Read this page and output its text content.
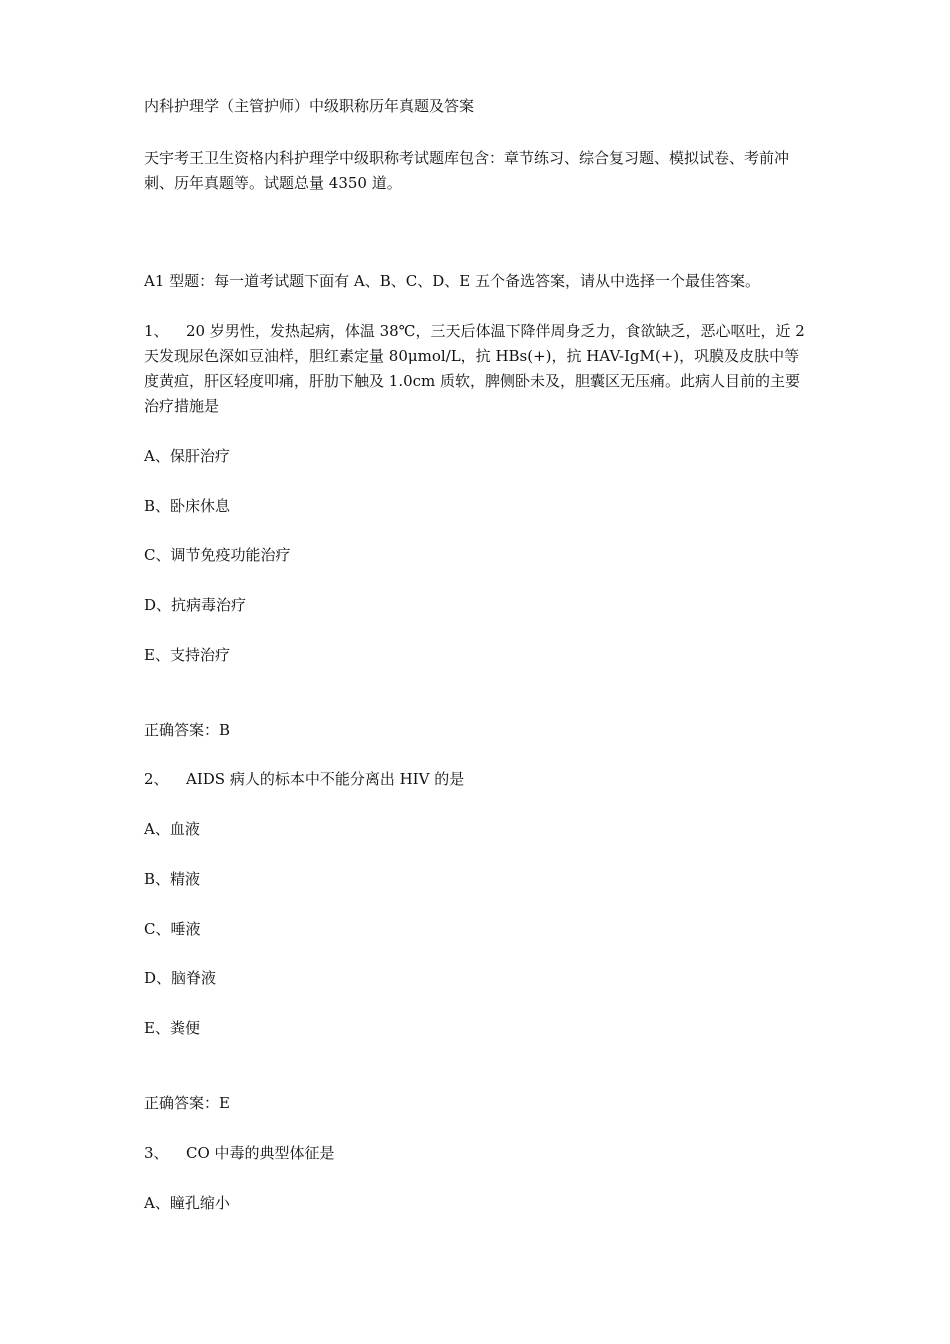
内科护理学（主管护师）中级职称历年真题及答案

天宇考王卫生资格内科护理学中级职称考试题库包含：章节练习、综合复习题、模拟试卷、考前冲刺、历年真题等。试题总量 4350 道。

A1 型题：每一道考试题下面有 A、B、C、D、E 五个备选答案，请从中选择一个最佳答案。

1、 20 岁男性，发热起病，体温 38℃，三天后体温下降伴周身乏力，食欲缺乏，恶心呕吐，近 2 天发现尿色深如豆油样，胆红素定量 80μmol/L，抗 HBs(+)，抗 HAV-IgM(+)，巩膜及皮肤中等度黄疸，肝区轻度叩痛，肝肋下触及 1.0cm 质软，脾侧卧未及，胆囊区无压痛。此病人目前的主要治疗措施是

A、保肝治疗

B、卧床休息

C、调节免疫功能治疗

D、抗病毒治疗

E、支持治疗

正确答案：B

2、 AIDS 病人的标本中不能分离出 HIV 的是

A、血液

B、精液

C、唾液

D、脑脊液

E、粪便

正确答案：E

3、 CO 中毒的典型体征是

A、瞳孔缩小
